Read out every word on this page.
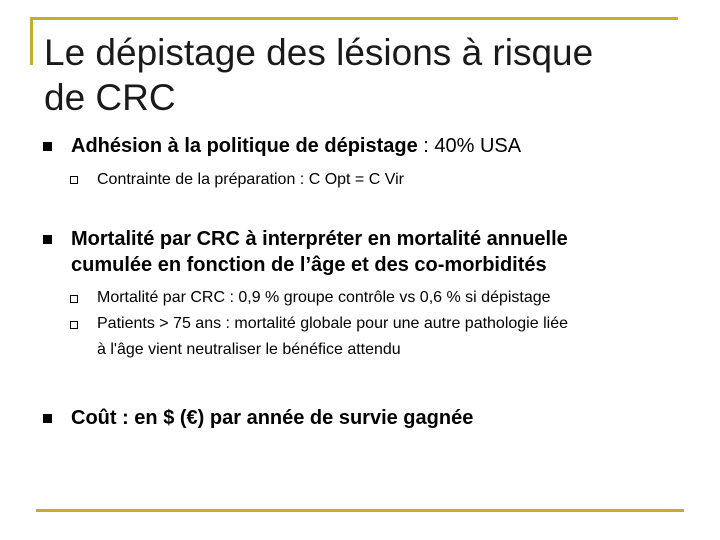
Le dépistage des lésions à risque
de CRC
Adhésion à la politique de dépistage : 40% USA
Contrainte de la préparation : C Opt = C Vir
Mortalité par CRC à interpréter en mortalité annuelle
cumulée en fonction de l’âge et des co-morbidités
Mortalité par CRC : 0,9 % groupe contrôle vs 0,6 % si dépistage
Patients > 75 ans : mortalité globale pour une autre pathologie liée
à l'âge vient neutraliser le bénéfice attendu
Coût : en $ (€) par année de survie gagnée
